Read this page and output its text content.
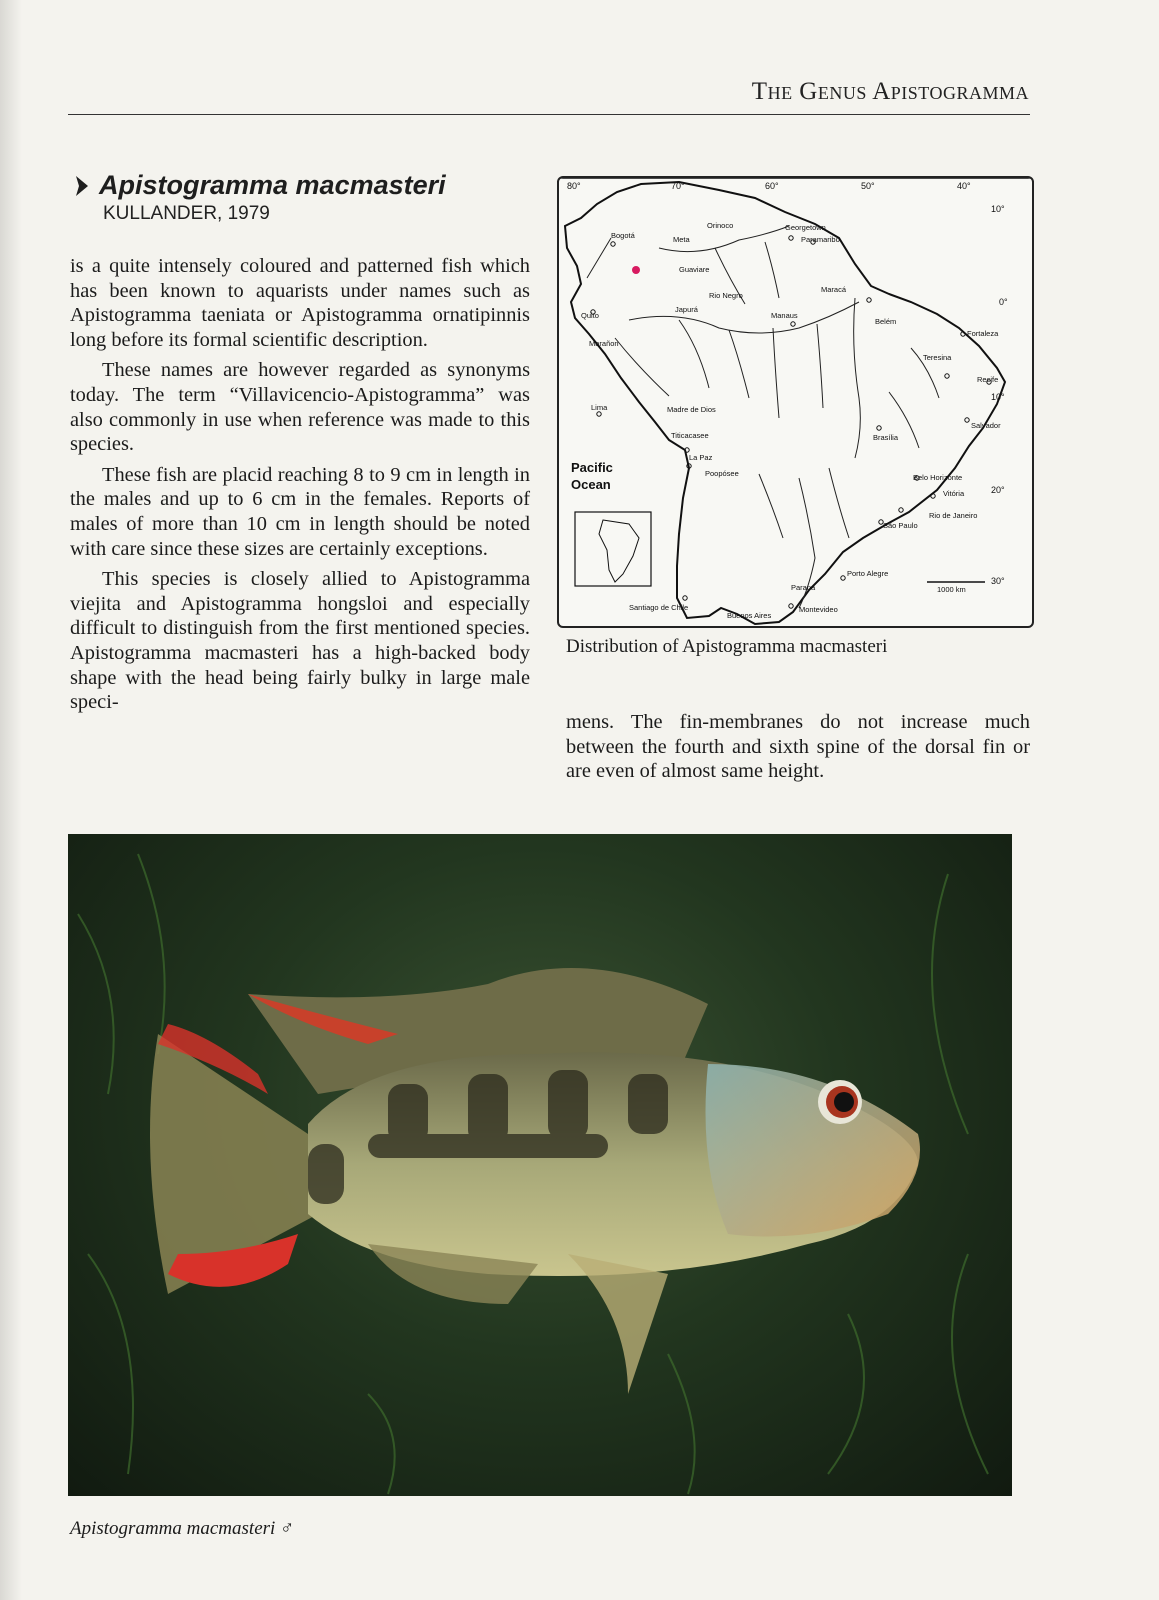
The Genus Apistogramma
Apistogramma macmasteri
KULLANDER, 1979

is a quite intensely coloured and patterned fish which has been known to aquarists under names such as Apistogramma taeniata or Apistogramma ornatipinnis long before its formal scientific description.

These names are however regarded as synonyms today. The term “Villavicencio-Apistogramma” was also commonly in use when reference was made to this species.

These fish are placid reaching 8 to 9 cm in length in the males and up to 6 cm in the females. Reports of males of more than 10 cm in length should be noted with care since these sizes are certainly exceptions.

This species is closely allied to Apistogramma viejita and Apistogramma hongsloi and especially difficult to distinguish from the first mentioned species. Apistogramma macmasteri has a high-backed body shape with the head being fairly bulky in large male speci-

80°	70°	60°	50°	40°
10°
0°
10°
20°
30°
Georgetown
Paramaribo
Orinoco
Bogotá	Meta
Guaviare
Rio Negro
Maracá
Quito
Japurá
Manaus
Belém
Fortaleza
Marañon
Teresina
Recife
Lima	Madre de Dios
Titicacasee
La Paz
Brasília
Salvador
Poopósee	Belo Horizonte
Vitória
Rio de Janeiro
São Paulo
Porto Alegre
Paraná
Santiago de Chile
Buenos Aires
Montevideo
1000 km
Pacific
Ocean
Distribution of Apistogramma macmasteri

mens. The fin-membranes do not increase much between the fourth and sixth spine of the dorsal fin or are even of almost same height.

Apistogramma macmasteri ♂
